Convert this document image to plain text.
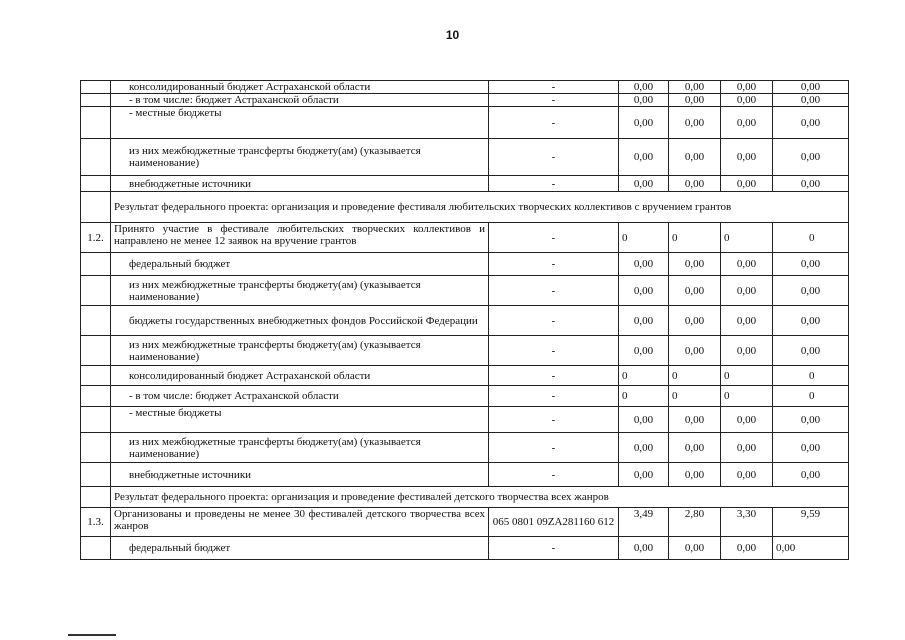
10
	консолидированный бюджет Астраханской области	-	0,00	0,00	0,00	0,00
	- в том числе: бюджет Астраханской области	-	0,00	0,00	0,00	0,00
	- местные бюджеты	-	0,00	0,00	0,00	0,00
	из них межбюджетные трансферты бюджету(ам) (указывается наименование)	-	0,00	0,00	0,00	0,00
	внебюджетные источники	-	0,00	0,00	0,00	0,00
	Результат федерального проекта: организация и проведение фестиваля любительских творческих коллективов с вручением грантов					
1.2.	Принято участие в фестивале любительских творческих коллективов и направлено не менее 12 заявок на вручение грантов	-	0	0	0	0
	федеральный бюджет	-	0,00	0,00	0,00	0,00
	из них межбюджетные трансферты бюджету(ам) (указывается наименование)	-	0,00	0,00	0,00	0,00
	бюджеты государственных внебюджетных фондов Российской Федерации	-	0,00	0,00	0,00	0,00
	из них межбюджетные трансферты бюджету(ам) (указывается наименование)	-	0,00	0,00	0,00	0,00
	консолидированный бюджет Астраханской области	-	0	0	0	0
	- в том числе: бюджет Астраханской области	-	0	0	0	0
	- местные бюджеты	-	0,00	0,00	0,00	0,00
	из них межбюджетные трансферты бюджету(ам) (указывается наименование)	-	0,00	0,00	0,00	0,00
	внебюджетные источники	-	0,00	0,00	0,00	0,00
	Результат федерального проекта: организация и проведение фестивалей детского творчества всех жанров					
1.3.	Организованы и проведены не менее 30 фестивалей детского творчества всех жанров	065 0801 09ZA281160 612	3,49	2,80	3,30	9,59
	федеральный бюджет	-	0,00	0,00	0,00	0,00
